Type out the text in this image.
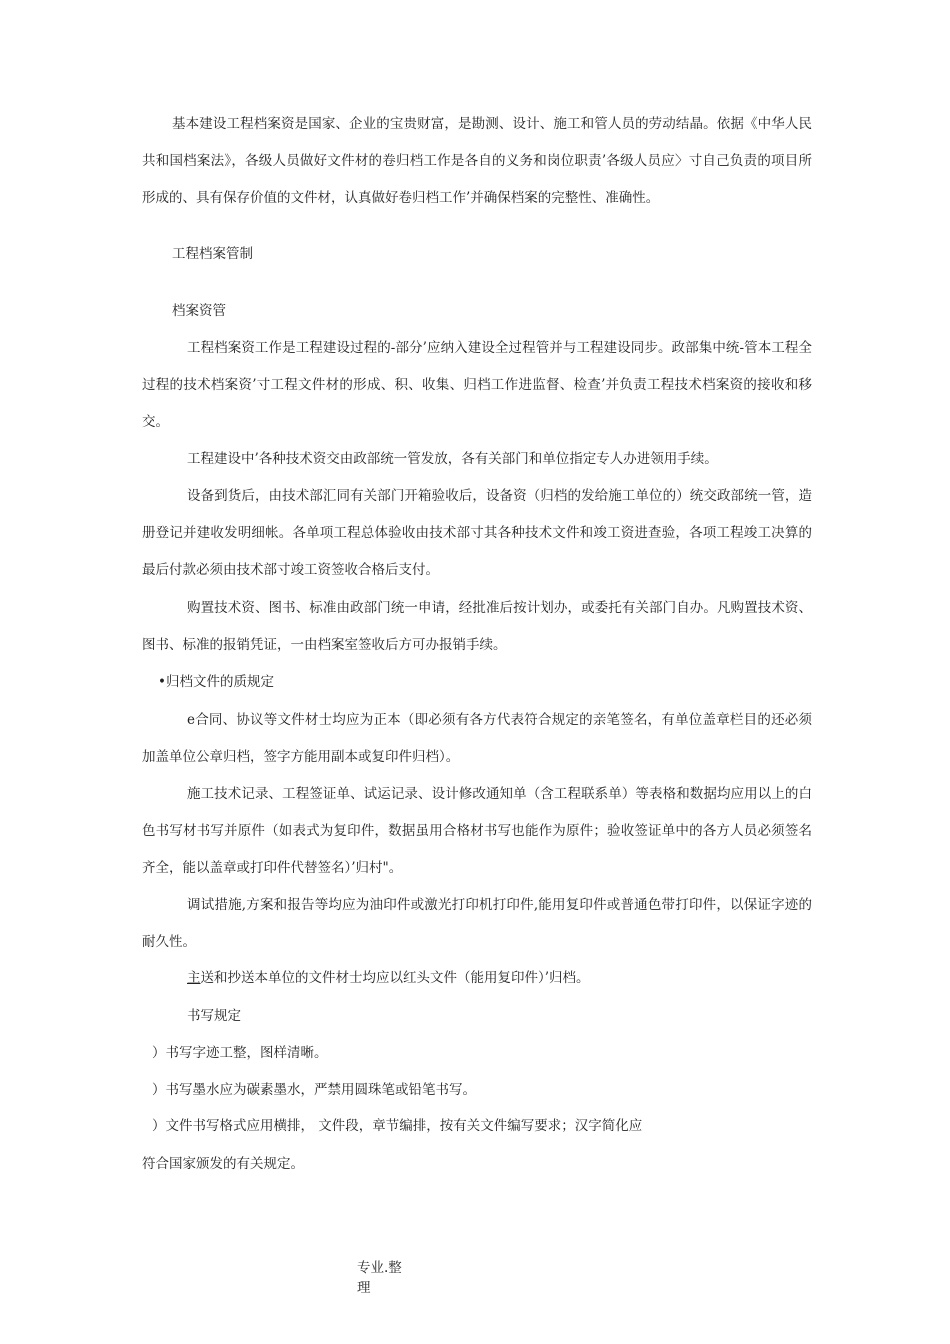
基本建设工程档案资是国家、企业的宝贵财富，是勘测、设计、施工和管人员的劳动结晶。依据《中华人民共和国档案法》，各级人员做好文件材的卷归档工作是各自的义务和岗位职责’各级人员应〉寸自己负责的项目所形成的、具有保存价值的文件材，认真做好卷归档工作’并确保档案的完整性、准确性。

工程档案管制

档案资管

工程档案资工作是工程建设过程的-部分’应纳入建设全过程管并与工程建设同步。政部集中统-管本工程全过程的技术档案资’寸工程文件材的形成、积、收集、归档工作进监督、检查’并负责工程技术档案资的接收和移交。

工程建设中’各种技术资交由政部统一管发放，各有关部门和单位指定专人办进领用手续。

设备到货后，由技术部汇同有关部门开箱验收后，设备资（归档的发给施工单位的）统交政部统一管，造册登记并建收发明细帐。各单项工程总体验收由技术部寸其各种技术文件和竣工资进查验，各项工程竣工决算的最后付款必须由技术部寸竣工资签收合格后支付。

购置技术资、图书、标准由政部门统一申请，经批准后按计划办，或委托有关部门自办。凡购置技术资、图书、标准的报销凭证，一由档案室签收后方可办报销手续。

•归档文件的质规定

e合同、协议等文件材士均应为正本（即必须有各方代表符合规定的亲笔签名，有单位盖章栏目的还必须加盖单位公章归档，签字方能用副本或复印件归档）。

施工技术记录、工程签证单、试运记录、设计修改通知单（含工程联系单）等表格和数据均应用以上的白色书写材书写并原件（如表式为复印件，数据虽用合格材书写也能作为原件；验收签证单中的各方人员必须签名齐全，能以盖章或打印件代替签名）’归村"。

调试措施,方案和报告等均应为油印件或激光打印机打印件,能用复印件或普通色带打印件，以保证字迹的耐久性。

主送和抄送本单位的文件材士均应以红头文件（能用复印件）’归档。

书写规定

）书写字迹工整，图样清晰。

）书写墨水应为碳素墨水，严禁用圆珠笔或铅笔书写。

）文件书写格式应用横排， 文件段，章节编排，按有关文件编写要求；汉字简化应

符合国家颁发的有关规定。

专业.整
理
